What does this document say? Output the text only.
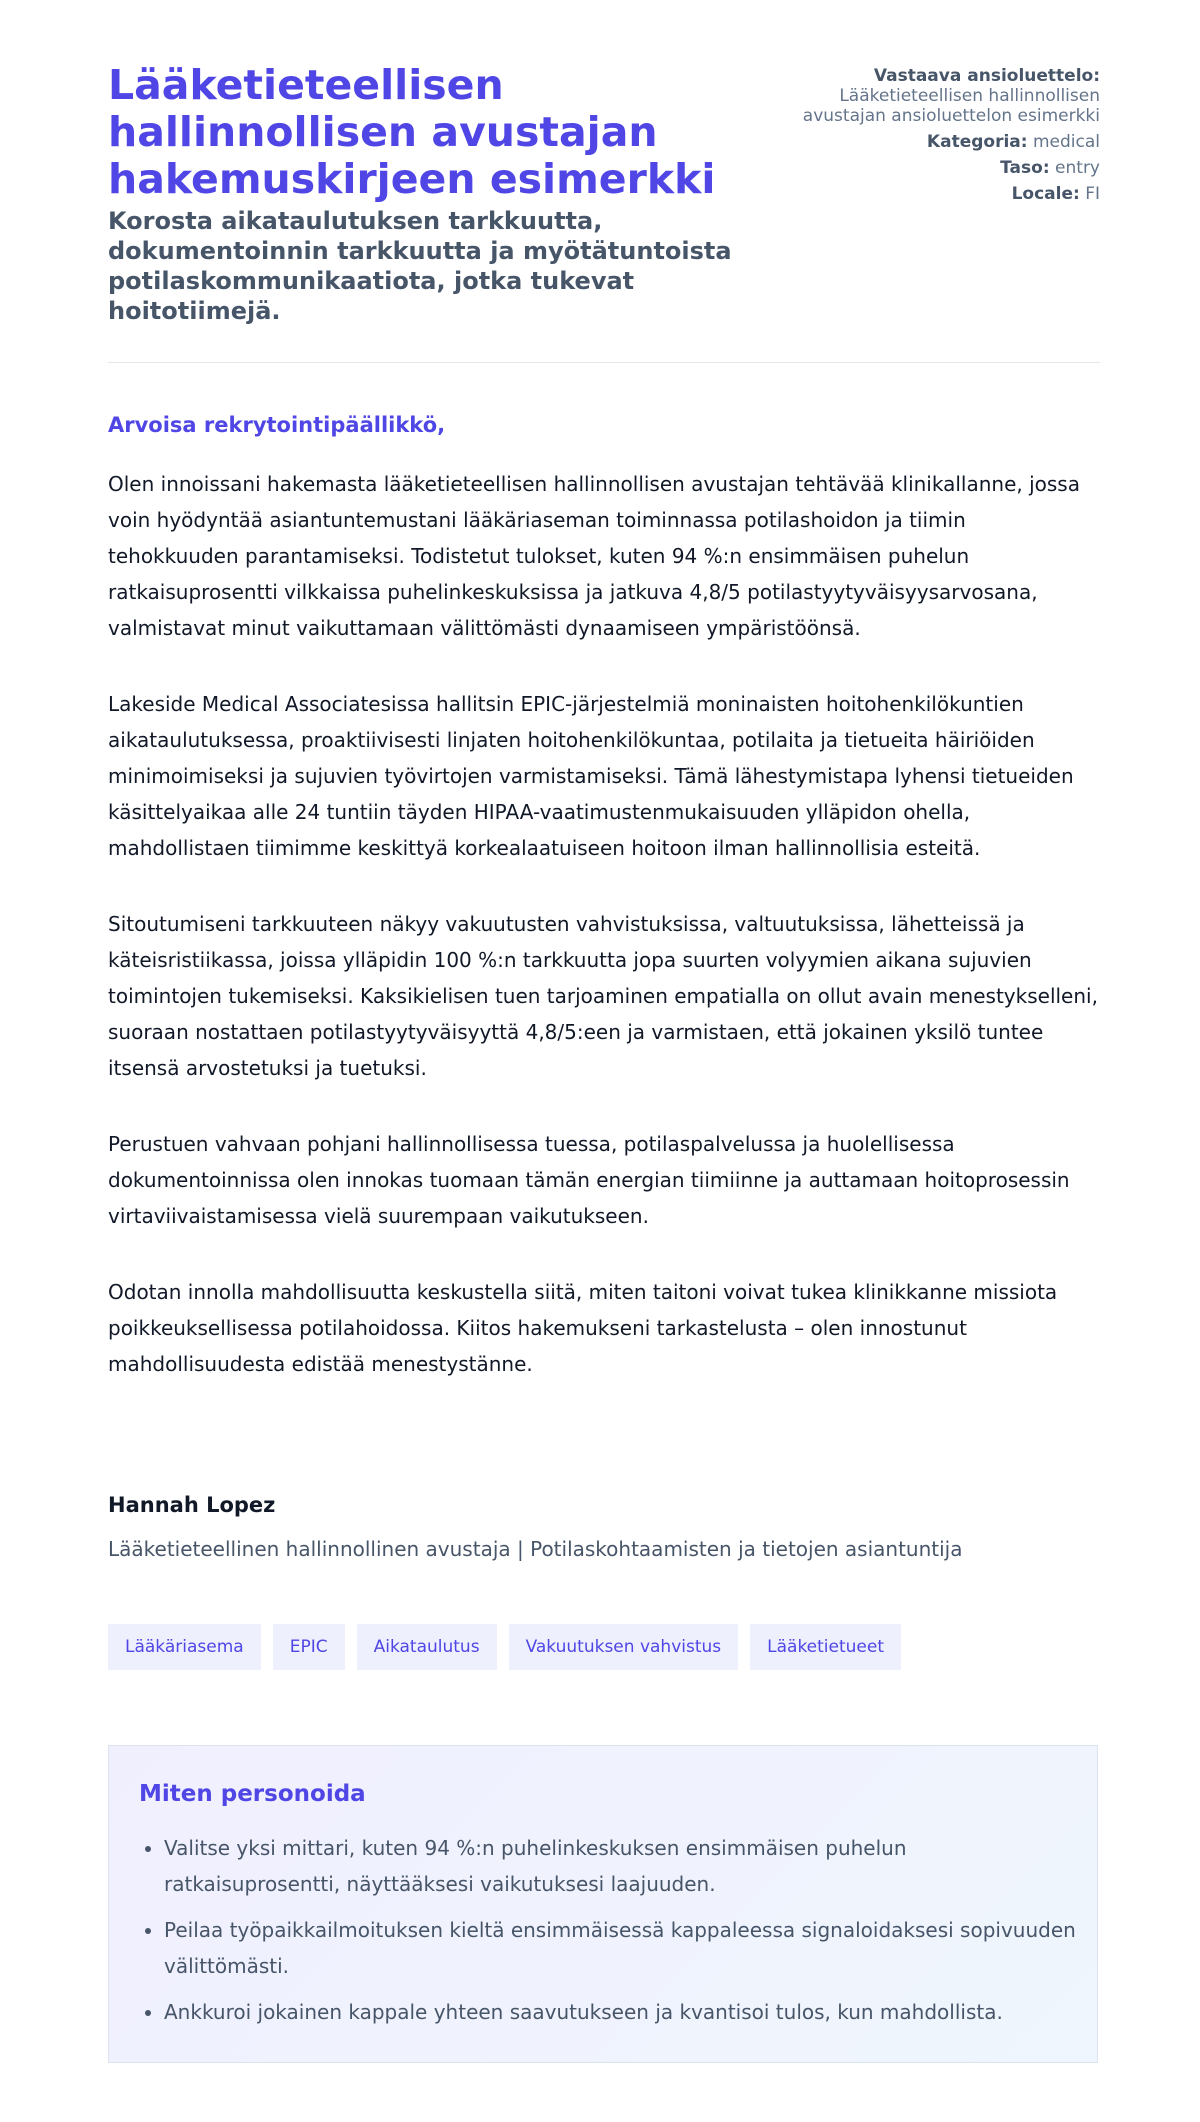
Lääketieteellisen hallinnollisen avustajan hakemuskirjeen esimerkki
Korosta aikataulutuksen tarkkuutta, dokumentoinnin tarkkuutta ja myötätuntoista potilaskommunikaatiota, jotka tukevat hoitotiimejä.
Vastaava ansioluettelo:
Lääketieteellisen hallinnollisen avustajan ansioluettelon esimerkki
Kategoria: medical
Taso: entry
Locale: FI

Arvoisa rekrytointipäällikkö,

Olen innoissani hakemasta lääketieteellisen hallinnollisen avustajan tehtävää klinikallanne, jossa voin hyödyntää asiantuntemustani lääkäriaseman toiminnassa potilashoidon ja tiimin tehokkuuden parantamiseksi. Todistetut tulokset, kuten 94 %:n ensimmäisen puhelun ratkaisuprosentti vilkkaissa puhelinkeskuksissa ja jatkuva 4,8/5 potilastyytyväisyysarvosana, valmistavat minut vaikuttamaan välittömästi dynaamiseen ympäristöönsä.

Lakeside Medical Associatesissa hallitsin EPIC-järjestelmiä moninaisten hoitohenkilökuntien aikataulutuksessa, proaktiivisesti linjaten hoitohenkilökuntaa, potilaita ja tietueita häiriöiden minimoimiseksi ja sujuvien työvirtojen varmistamiseksi. Tämä lähestymistapa lyhensi tietueiden käsittelyaikaa alle 24 tuntiin täyden HIPAA-vaatimustenmukaisuuden ylläpidon ohella, mahdollistaen tiimimme keskittyä korkealaatuiseen hoitoon ilman hallinnollisia esteitä.

Sitoutumiseni tarkkuuteen näkyy vakuutusten vahvistuksissa, valtuutuksissa, lähetteissä ja käteisristiikassa, joissa ylläpidin 100 %:n tarkkuutta jopa suurten volyymien aikana sujuvien toimintojen tukemiseksi. Kaksikielisen tuen tarjoaminen empatialla on ollut avain menestykselleni, suoraan nostattaen potilastyytyväisyyttä 4,8/5:een ja varmistaen, että jokainen yksilö tuntee itsensä arvostetuksi ja tuetuksi.

Perustuen vahvaan pohjani hallinnollisessa tuessa, potilaspalvelussa ja huolellisessa dokumentoinnissa olen innokas tuomaan tämän energian tiimiinne ja auttamaan hoitoprosessin virtaviivaistamisessa vielä suurempaan vaikutukseen.

Odotan innolla mahdollisuutta keskustella siitä, miten taitoni voivat tukea klinikkanne missiota poikkeuksellisessa potilahoidossa. Kiitos hakemukseni tarkastelusta – olen innostunut mahdollisuudesta edistää menestystänne.

Hannah Lopez

Lääketieteellinen hallinnollinen avustaja | Potilaskohtaamisten ja tietojen asiantuntija

Lääkäriasema	EPIC	Aikataulutus	Vakuutuksen vahvistus	Lääketietueet
Miten personoida
• Valitse yksi mittari, kuten 94 %:n puhelinkeskuksen ensimmäisen puhelun ratkaisuprosentti, näyttääksesi vaikutuksesi laajuuden.
• Peilaa työpaikkailmoituksen kieltä ensimmäisessä kappaleessa signaloidaksesi sopivuuden välittömästi.
• Ankkuroi jokainen kappale yhteen saavutukseen ja kvantisoi tulos, kun mahdollista.
